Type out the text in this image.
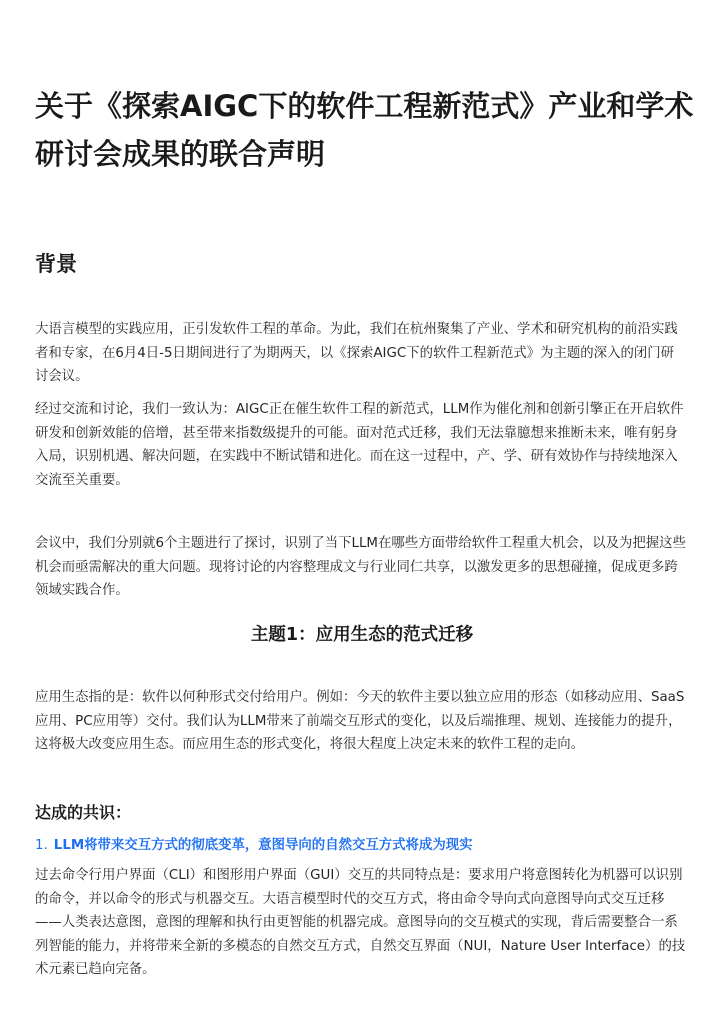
关于《探索AIGC下的软件工程新范式》产业和学术研讨会成果的联合声明
背景

大语言模型的实践应用，正引发软件工程的革命。为此，我们在杭州聚集了产业、学术和研究机构的前沿实践者和专家，在6月4日-5日期间进行了为期两天，以《探索AIGC下的软件工程新范式》为主题的深入的闭门研讨会议。

经过交流和讨论，我们一致认为：AIGC正在催生软件工程的新范式，LLM作为催化剂和创新引擎正在开启软件研发和创新效能的倍增，甚至带来指数级提升的可能。面对范式迁移，我们无法靠臆想来推断未来，唯有躬身入局，识别机遇、解决问题，在实践中不断试错和进化。而在这一过程中，产、学、研有效协作与持续地深入交流至关重要。

会议中，我们分别就6个主题进行了探讨，识别了当下LLM在哪些方面带给软件工程重大机会，以及为把握这些机会而亟需解决的重大问题。现将讨论的内容整理成文与行业同仁共享，以激发更多的思想碰撞，促成更多跨领域实践合作。

主题1：应用生态的范式迁移

应用生态指的是：软件以何种形式交付给用户。例如：今天的软件主要以独立应用的形态（如移动应用、SaaS应用、PC应用等）交付。我们认为LLM带来了前端交互形式的变化，以及后端推理、规划、连接能力的提升，这将极大改变应用生态。而应用生态的形式变化，将很大程度上决定未来的软件工程的走向。

达成的共识：
1. LLM将带来交互方式的彻底变革，意图导向的自然交互方式将成为现实

过去命令行用户界面（CLI）和图形用户界面（GUI）交互的共同特点是：要求用户将意图转化为机器可以识别的命令，并以命令的形式与机器交互。大语言模型时代的交互方式，将由命令导向式向意图导向式交互迁移——人类表达意图，意图的理解和执行由更智能的机器完成。意图导向的交互模式的实现，背后需要整合一系列智能的能力，并将带来全新的多模态的自然交互方式，自然交互界面（NUI，Nature User Interface）的技术元素已趋向完备。
